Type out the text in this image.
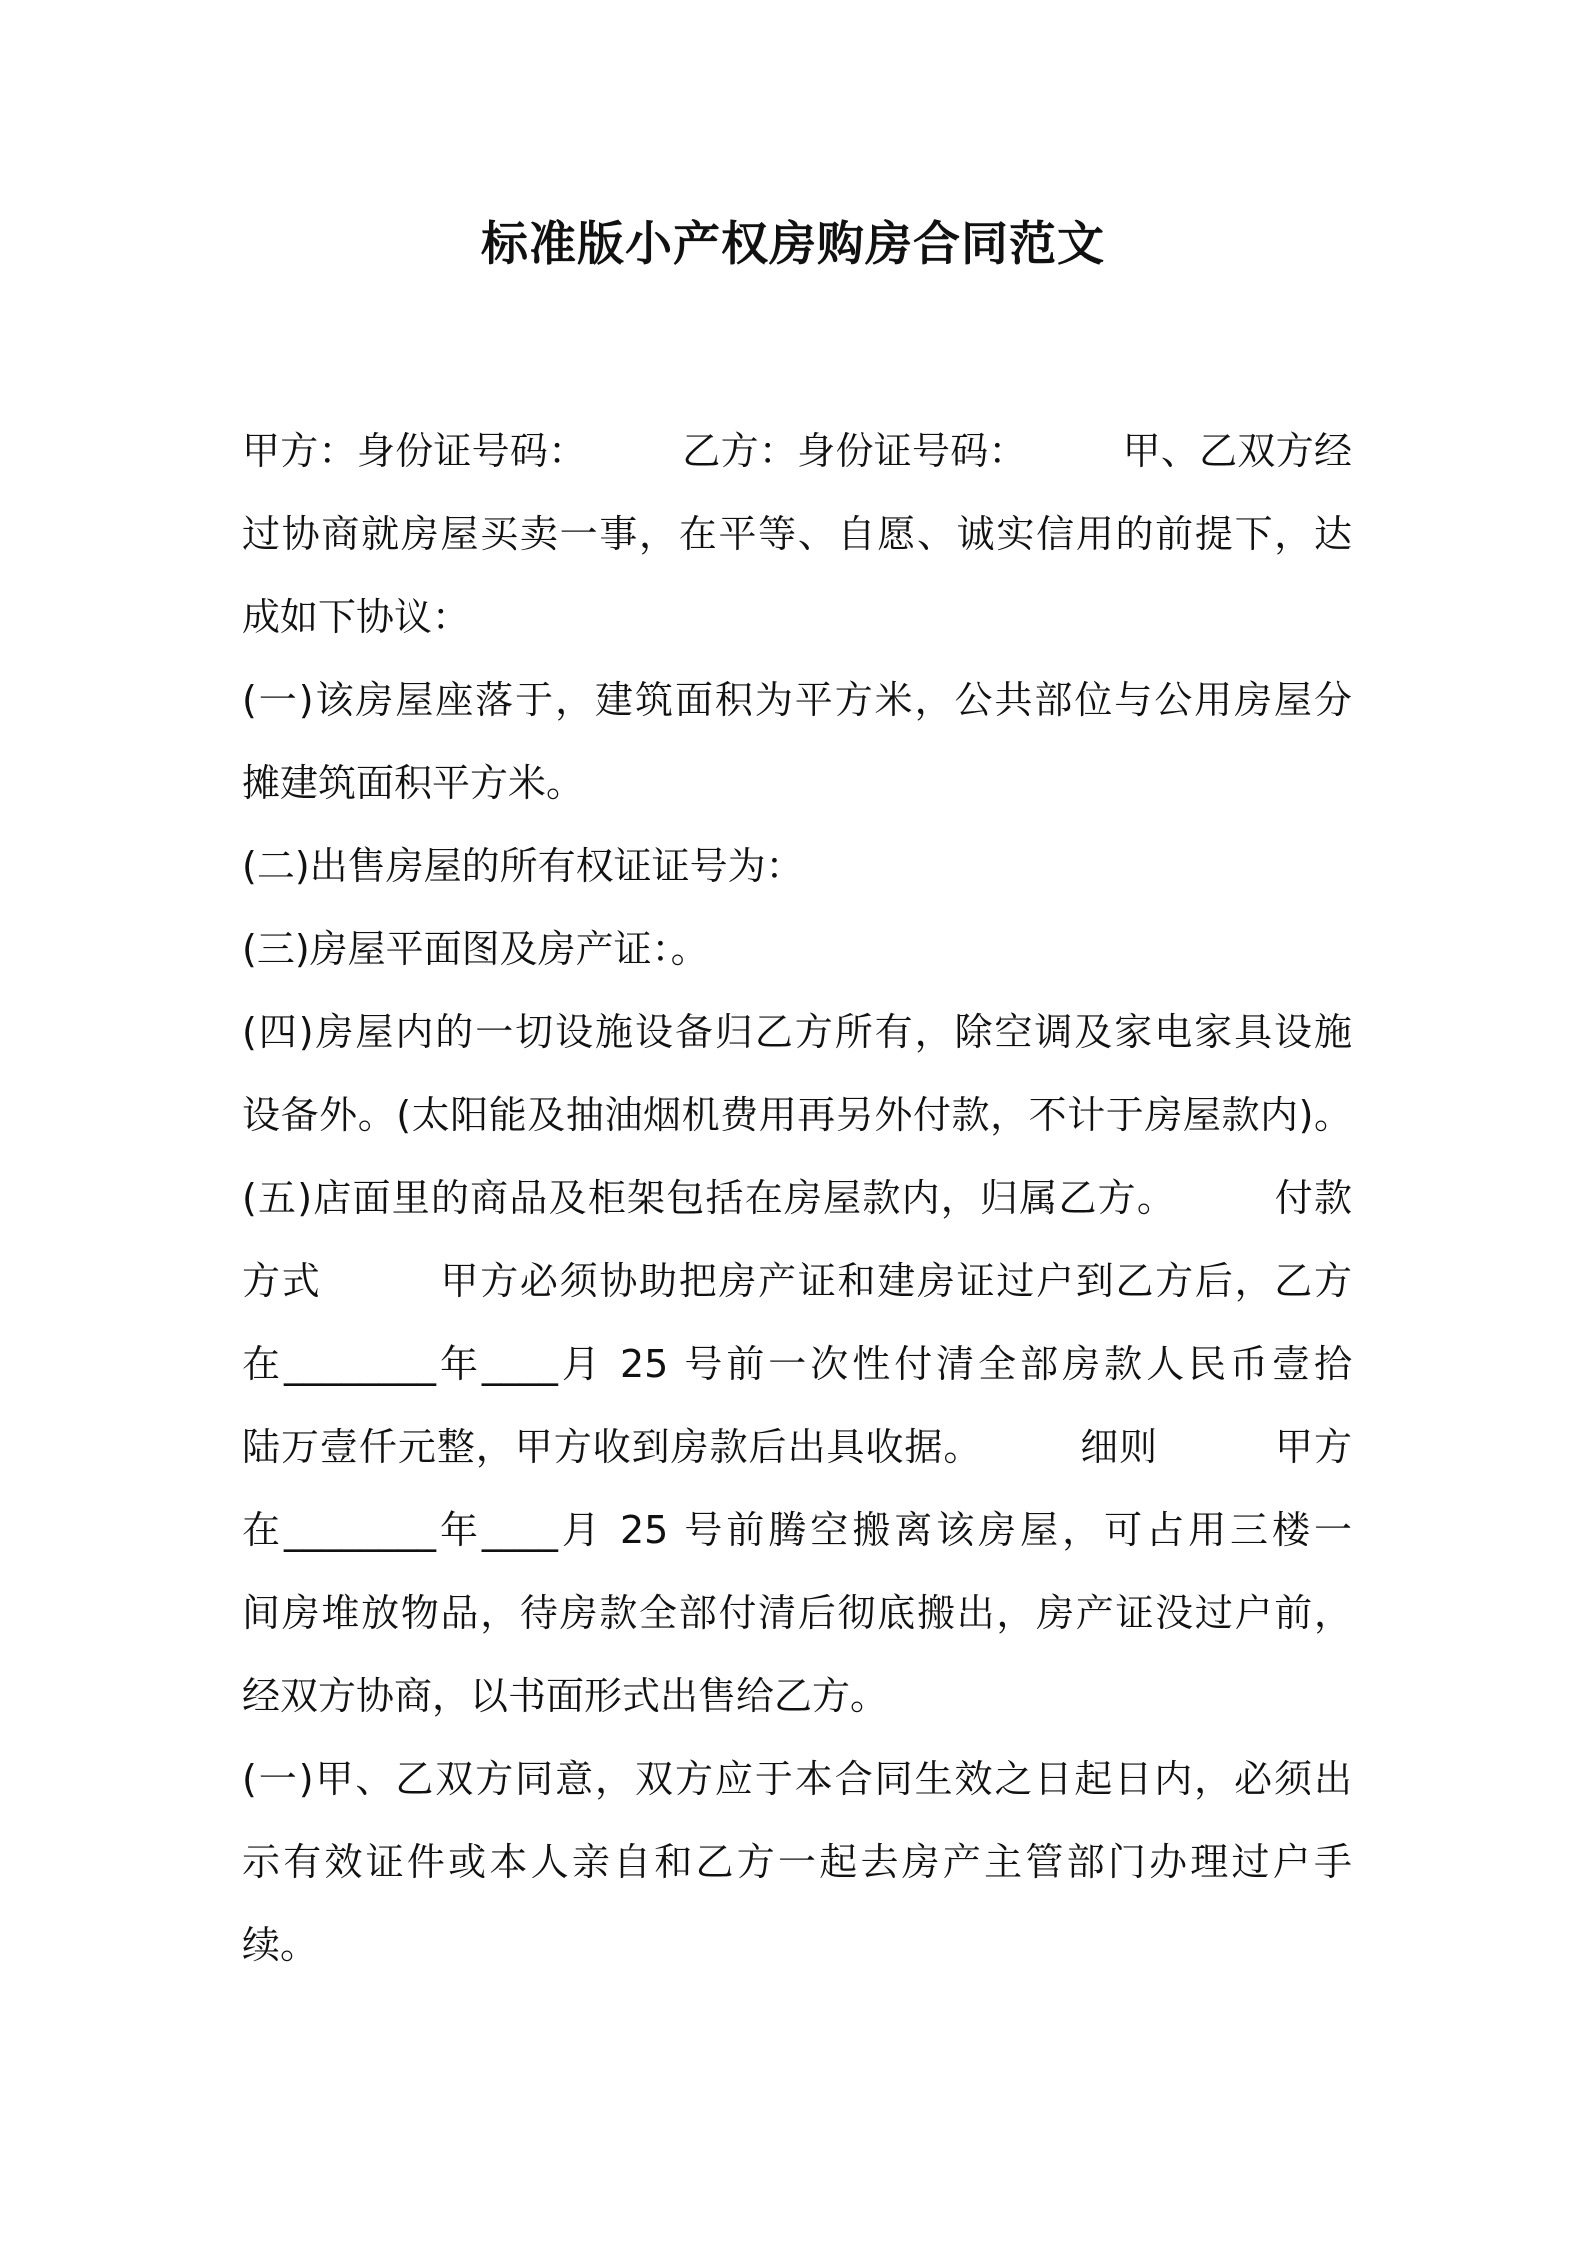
标准版小产权房购房合同范文
甲方：身份证号码：　　　乙方：身份证号码：　　　甲、乙双方经
过协商就房屋买卖一事，在平等、自愿、诚实信用的前提下，达
成如下协议：
(一)该房屋座落于，建筑面积为平方米，公共部位与公用房屋分
摊建筑面积平方米。
(二)出售房屋的所有权证证号为：
(三)房屋平面图及房产证：。
(四)房屋内的一切设施设备归乙方所有，除空调及家电家具设施
设备外。(太阳能及抽油烟机费用再另外付款，不计于房屋款内)。
(五)店面里的商品及柜架包括在房屋款内，归属乙方。　　　付款
方式　　　甲方必须协助把房产证和建房证过户到乙方后，乙方
在________年____月 25 号前一次性付清全部房款人民币壹拾
陆万壹仟元整，甲方收到房款后出具收据。　　　细则　　　甲方
在________年____月 25 号前腾空搬离该房屋，可占用三楼一
间房堆放物品，待房款全部付清后彻底搬出，房产证没过户前，
经双方协商，以书面形式出售给乙方。
(一)甲、乙双方同意，双方应于本合同生效之日起日内，必须出
示有效证件或本人亲自和乙方一起去房产主管部门办理过户手
续。
